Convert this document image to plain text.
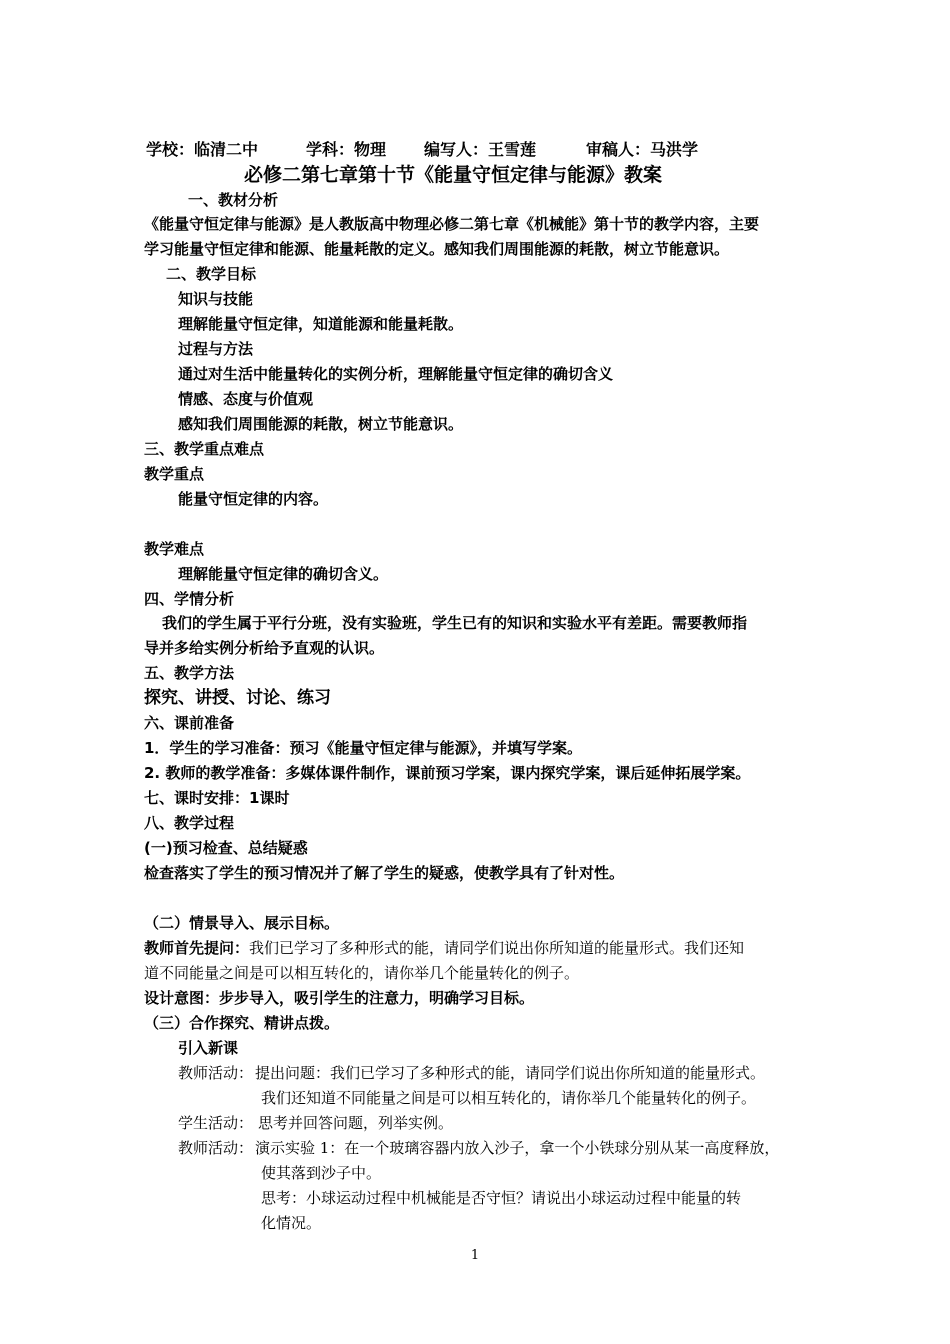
学校：临清二中	学科：物理 编写人：王雪莲	审稿人：马洪学
必修二第七章第十节《能量守恒定律与能源》教案
一、教材分析
《能量守恒定律与能源》是人教版高中物理必修二第七章《机械能》第十节的教学内容，主要
学习能量守恒定律和能源、能量耗散的定义。感知我们周围能源的耗散，树立节能意识。
二、教学目标
知识与技能
理解能量守恒定律，知道能源和能量耗散。
过程与方法
通过对生活中能量转化的实例分析，理解能量守恒定律的确切含义
情感、态度与价值观
感知我们周围能源的耗散，树立节能意识。
三、教学重点难点
教学重点
能量守恒定律的内容。
教学难点
理解能量守恒定律的确切含义。
四、学情分析
我们的学生属于平行分班，没有实验班，学生已有的知识和实验水平有差距。需要教师指
导并多给实例分析给予直观的认识。
五、教学方法
探究、讲授、讨论、练习
六、课前准备
1．学生的学习准备：预习《能量守恒定律与能源》，并填写学案。
2. 教师的教学准备：多媒体课件制作，课前预习学案，课内探究学案，课后延伸拓展学案。
七、课时安排：1课时
八、教学过程
(一)预习检查、总结疑惑
检查落实了学生的预习情况并了解了学生的疑惑，使教学具有了针对性。
（二）情景导入、展示目标。
教师首先提问：我们已学习了多种形式的能，请同学们说出你所知道的能量形式。我们还知
道不同能量之间是可以相互转化的，请你举几个能量转化的例子。
设计意图：步步导入，吸引学生的注意力，明确学习目标。
（三）合作探究、精讲点拨。
引入新课
教师活动： 提出问题：我们已学习了多种形式的能，请同学们说出你所知道的能量形式。
我们还知道不同能量之间是可以相互转化的，请你举几个能量转化的例子。
学生活动： 思考并回答问题，列举实例。
教师活动： 演示实验 1：在一个玻璃容器内放入沙子，拿一个小铁球分别从某一高度释放，
使其落到沙子中。
思考：小球运动过程中机械能是否守恒？请说出小球运动过程中能量的转
化情况。
1
